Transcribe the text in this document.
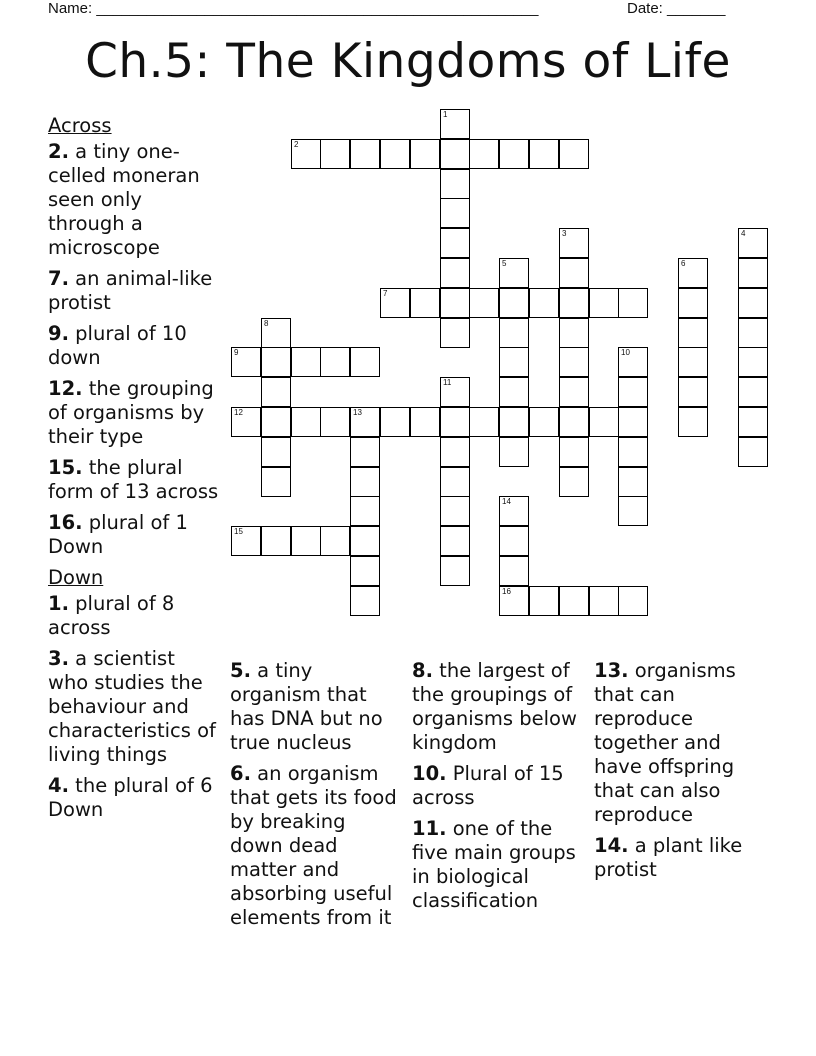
Name: _____________________________________________________	Date: _______
Ch.5: The Kingdoms of Life
1
2
3	4
5	6
7
8
9	10
11
12	13
14
16
15
Across
2. a tiny one-celled moneran seen only through a microscope
7. an animal-like protist
9. plural of 10 down
12. the grouping of organisms by their type
15. the plural form of 13 across
16. plural of 1 Down
Down
1. plural of 8 across
3. a scientist who studies the behaviour and characteristics of living things
4. the plural of 6 Down
5. a tiny organism that has DNA but no true nucleus
6. an organism that gets its food by breaking down dead matter and absorbing useful elements from it
8. the largest of the groupings of organisms below kingdom
10. Plural of 15 across
11. one of the five main groups in biological classification
13. organisms that can reproduce together and have offspring that can also reproduce
14. a plant like protist
